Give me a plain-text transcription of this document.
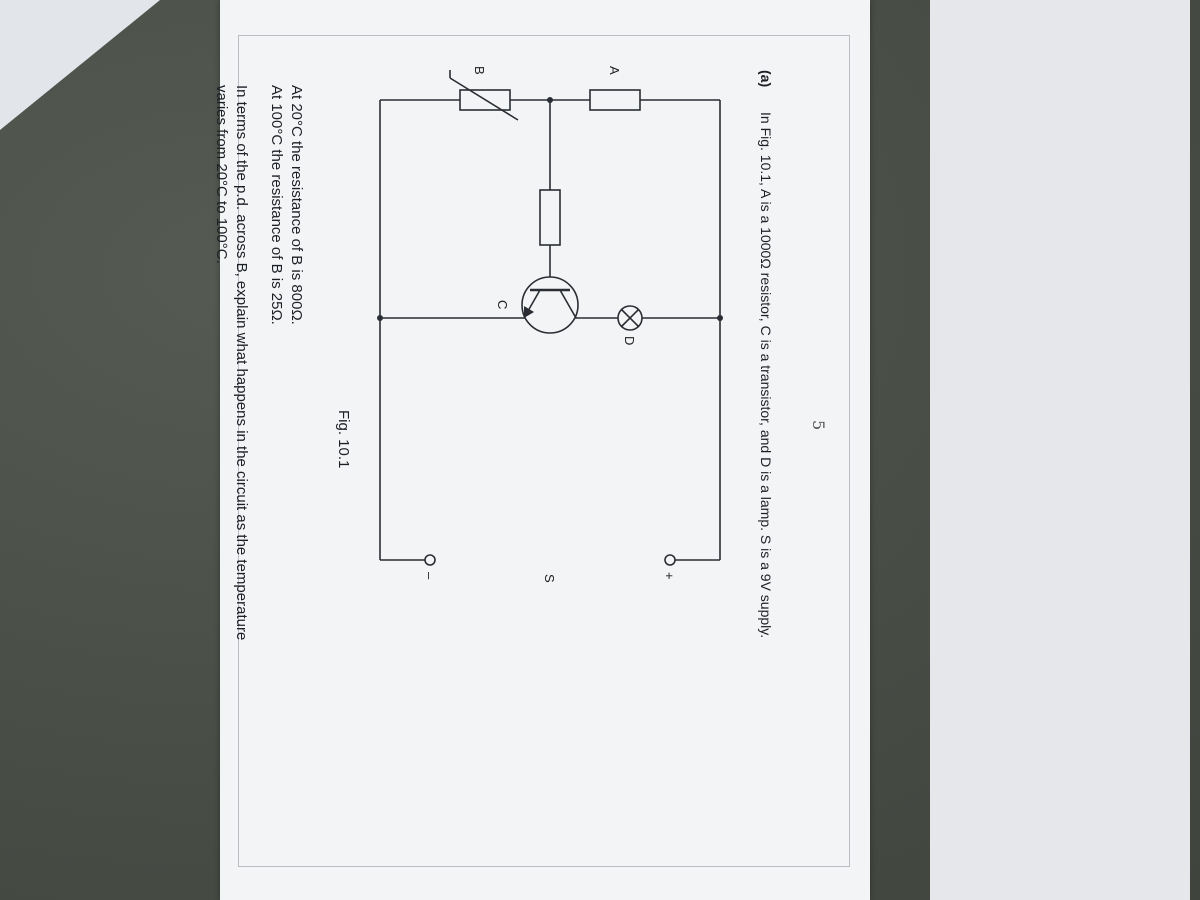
5
(a)
In Fig. 10.1, A is a 1000Ω resistor, C is a transistor, and D is a lamp. S is a 9V supply.
A
B
C
D
S	+
–
Fig. 10.1
At 20°C the resistance of B is 800Ω.
At 100°C the resistance of B is 25Ω.
In terms of the p.d. across B, explain what happens in the circuit as the temperature
varies from 20°C to 100°C.
